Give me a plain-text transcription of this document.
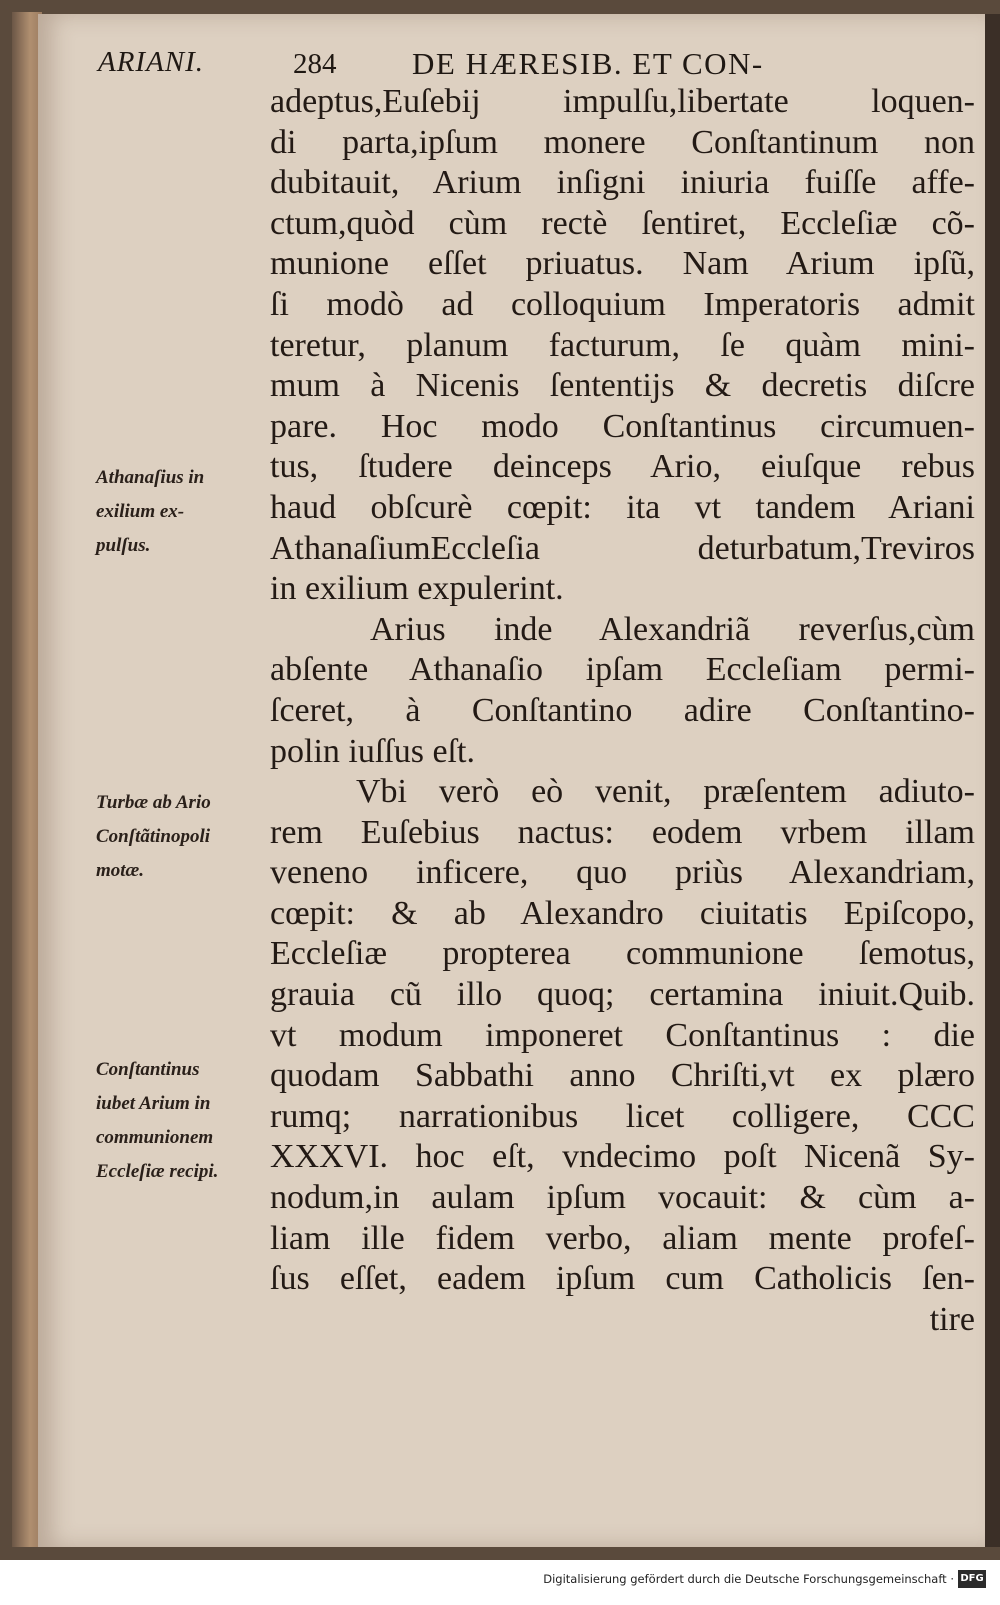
ARIANI.	284 DE HÆRESIB. ET CON-
Athanaſius in
exilium ex-
pulſus.
Turbæ ab Ario
Conſtãtinopoli
motæ.
Conſtantinus
iubet Arium in
communionem
Eccleſiæ recipi.
adeptus,Euſebij impulſu,libertate loquen-
di parta,ipſum monere Conſtantinum non
dubitauit, Arium inſigni iniuria fuiſſe affe-
ctum,quòd cùm rectè ſentiret, Eccleſiæ cõ-
munione eſſet priuatus. Nam Arium ipſũ,
ſi modò ad colloquium Imperatoris admit
teretur, planum facturum, ſe quàm mini-
mum à Nicenis ſententijs & decretis diſcre
pare. Hoc modo Conſtantinus circumuen-
tus, ſtudere deinceps Ario, eiuſque rebus
haud obſcurè cœpit: ita vt tandem Ariani
AthanaſiumEccleſia deturbatum,Treviros
in exilium expulerint.
Arius inde Alexandriã reverſus,cùm
abſente Athanaſio ipſam Eccleſiam permi-
ſceret, à Conſtantino adire Conſtantino-
polin iuſſus eſt.
Vbi verò eò venit, præſentem adiuto-
rem Euſebius nactus: eodem vrbem illam
veneno inficere, quo priùs Alexandriam,
cœpit: & ab Alexandro ciuitatis Epiſcopo,
Eccleſiæ propterea communione ſemotus,
grauia cũ illo quoq; certamina iniuit.Quib.
vt modum imponeret Conſtantinus : die
quodam Sabbathi anno Chriſti,vt ex plæro
rumq; narrationibus licet colligere, CCC
XXXVI. hoc eſt, vndecimo poſt Nicenã Sy-
nodum,in aulam ipſum vocauit: & cùm a-
liam ille fidem verbo, aliam mente profeſ-
ſus eſſet, eadem ipſum cum Catholicis ſen-
tire
Digitalisierung gefördert durch die Deutsche Forschungsgemeinschaft · DFG
